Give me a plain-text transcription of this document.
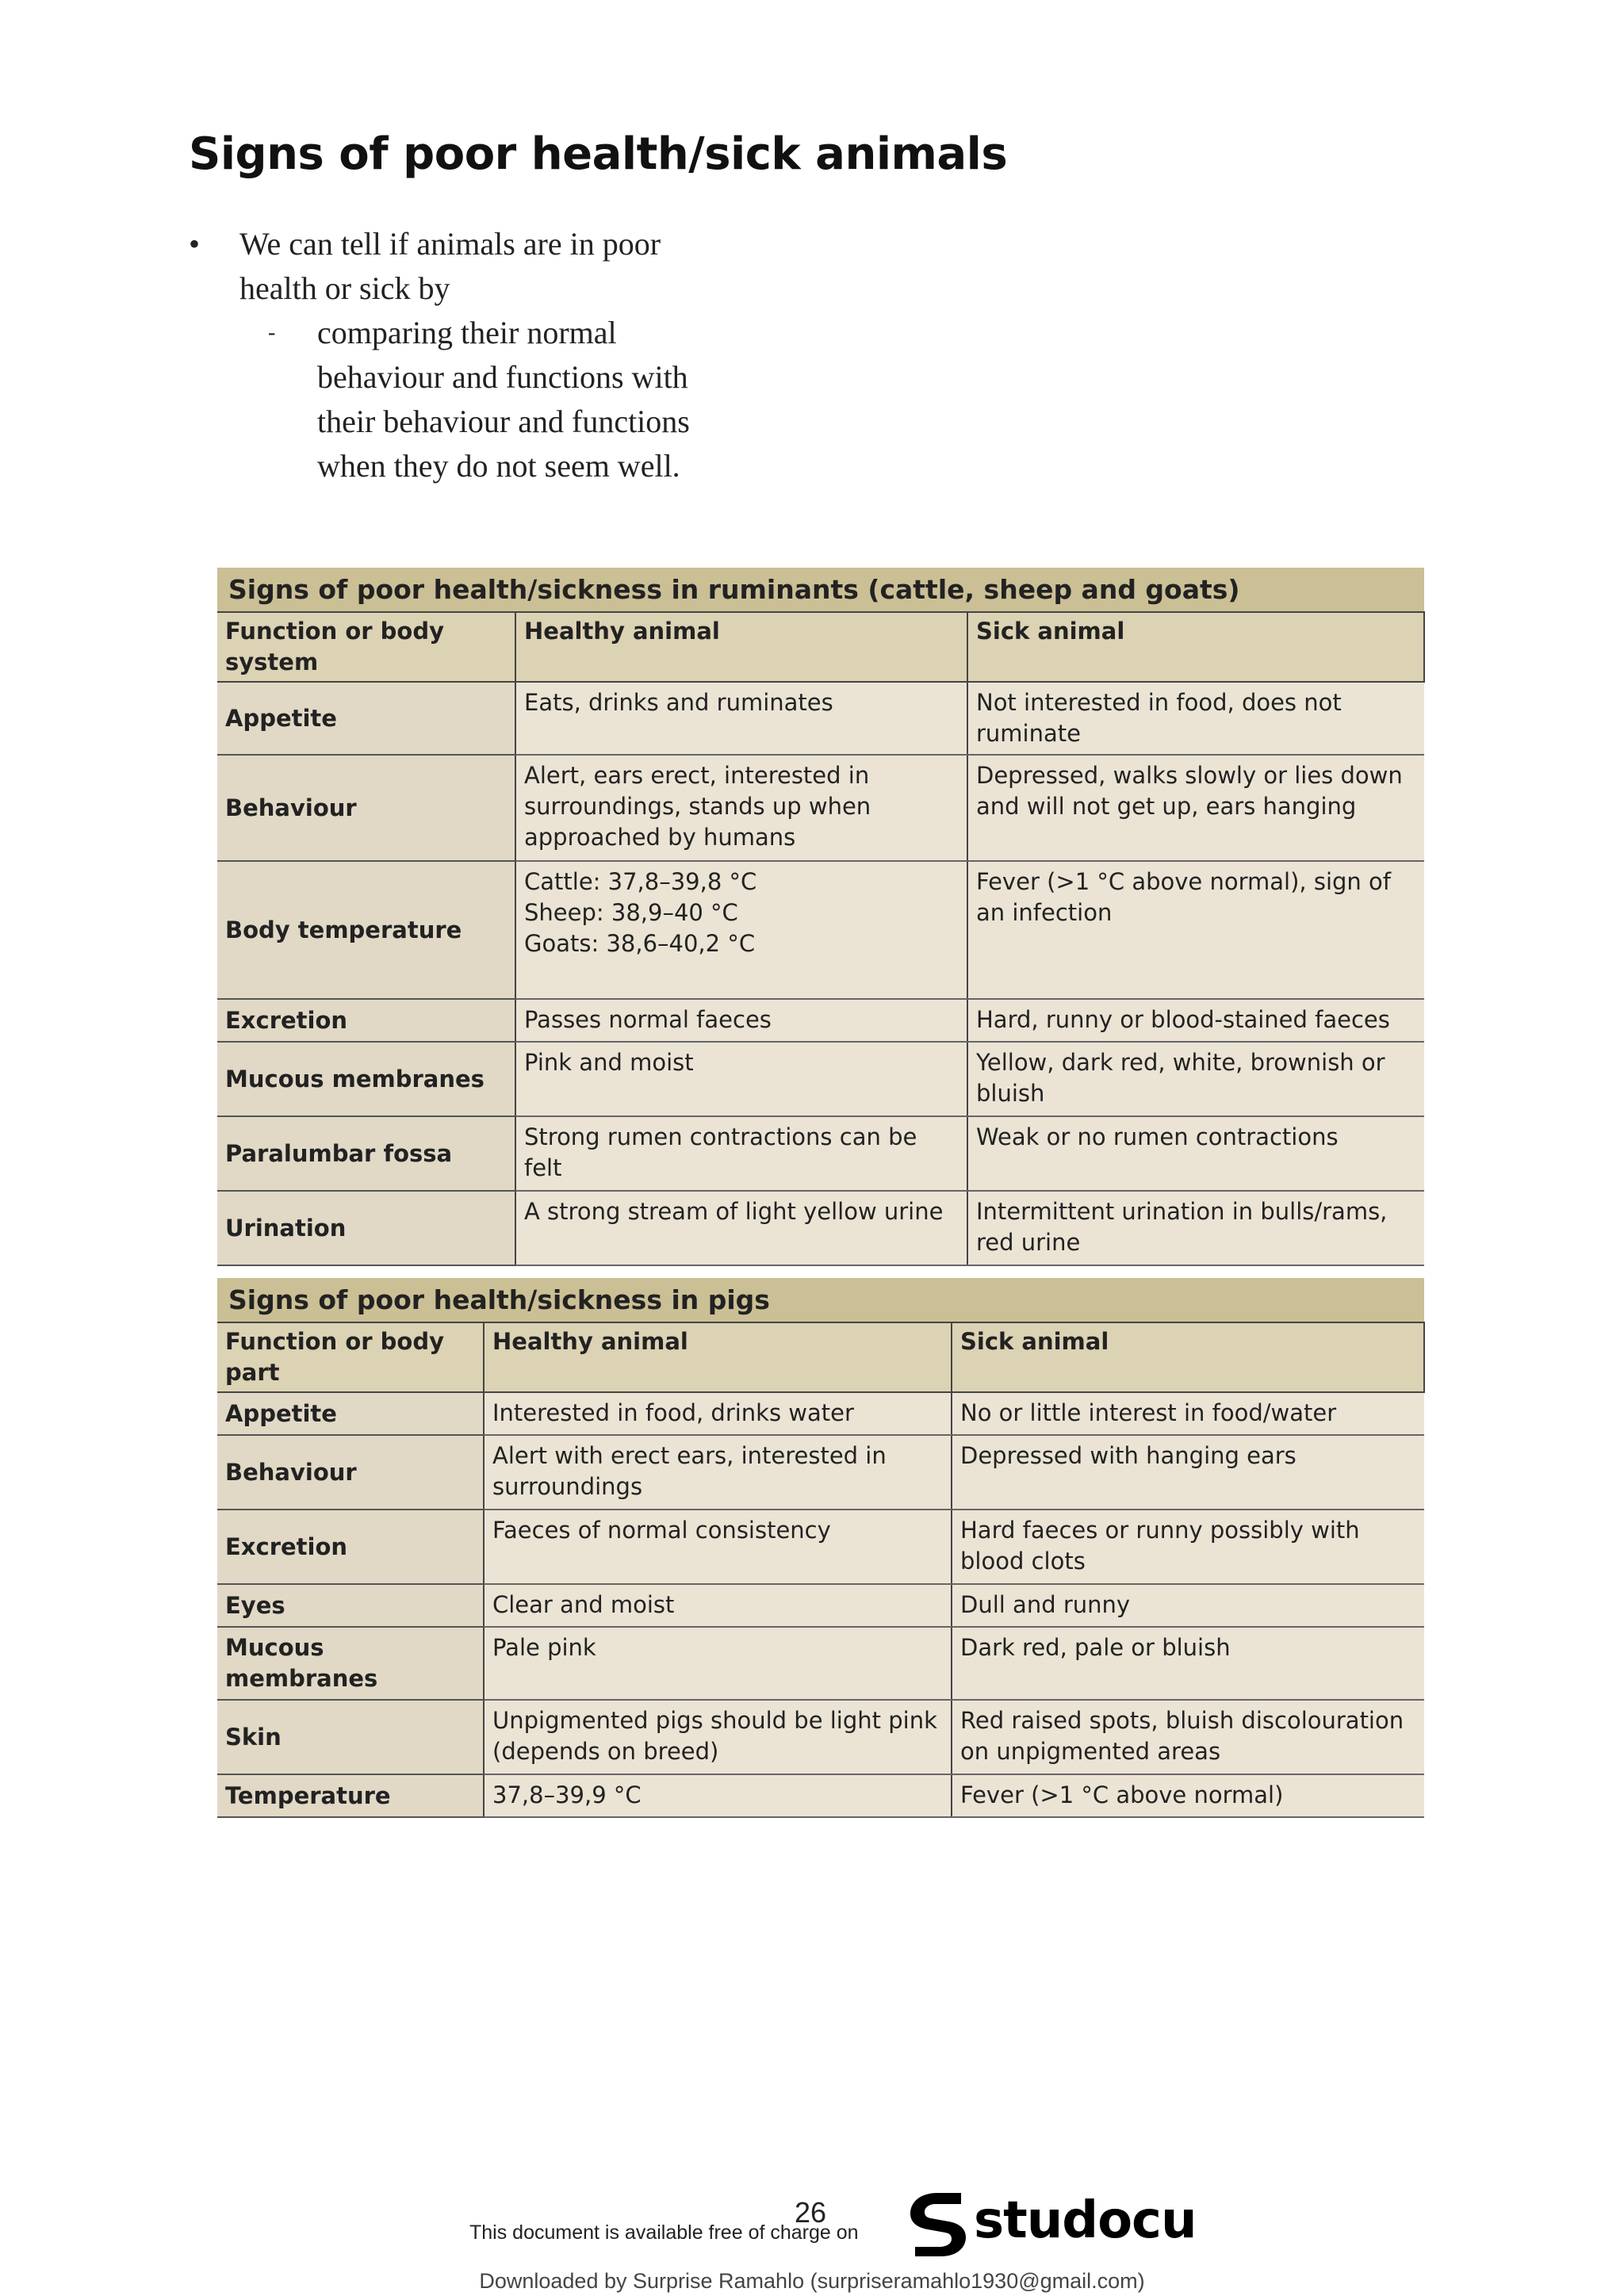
Signs of poor health/sick animals
• We can tell if animals are in poor
health or sick by
- comparing their normal
behaviour and functions with
their behaviour and functions
when they do not seem well.
Signs of poor health/sickness in ruminants (cattle, sheep and goats)		
Function or body system	Healthy animal	Sick animal
Appetite	Eats, drinks and ruminates	Not interested in food, does not ruminate
Behaviour	Alert, ears erect, interested in surroundings, stands up when approached by humans	Depressed, walks slowly or lies down and will not get up, ears hanging
Body temperature	Cattle: 37,8–39,8 °C
Sheep: 38,9–40 °C
Goats: 38,6–40,2 °C	Fever (>1 °C above normal), sign of an infection
Excretion	Passes normal faeces	Hard, runny or blood-stained faeces
Mucous membranes	Pink and moist	Yellow, dark red, white, brownish or bluish
Paralumbar fossa	Strong rumen contractions can be felt	Weak or no rumen contractions
Urination	A strong stream of light yellow urine	Intermittent urination in bulls/rams, red urine
Signs of poor health/sickness in pigs		
Function or body part	Healthy animal	Sick animal
Appetite	Interested in food, drinks water	No or little interest in food/water
Behaviour	Alert with erect ears, interested in surroundings	Depressed with hanging ears
Excretion	Faeces of normal consistency	Hard faeces or runny possibly with blood clots
Eyes	Clear and moist	Dull and runny
Mucous membranes	Pale pink	Dark red, pale or bluish
Skin	Unpigmented pigs should be light pink (depends on breed)	Red raised spots, bluish discolouration on unpigmented areas
Temperature	37,8–39,9 °C	Fever (>1 °C above normal)
26
This document is available free of charge on studocu
Downloaded by Surprise Ramahlo (surpriseramahlo1930@gmail.com)
